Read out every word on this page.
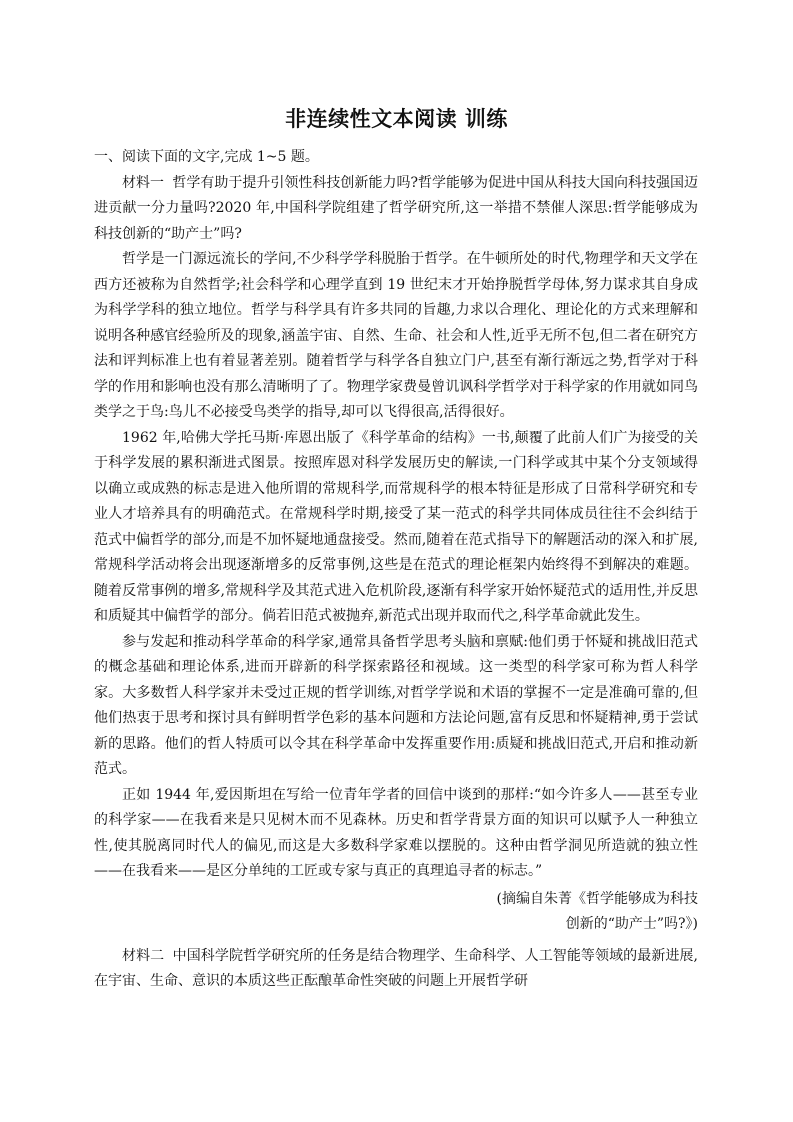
非连续性文本阅读 训练

一、阅读下面的文字,完成 1~5 题。

材料一 哲学有助于提升引领性科技创新能力吗?哲学能够为促进中国从科技大国向科技强国迈进贡献一分力量吗?2020 年,中国科学院组建了哲学研究所,这一举措不禁催人深思:哲学能够成为科技创新的“助产士”吗?

哲学是一门源远流长的学问,不少科学学科脱胎于哲学。在牛顿所处的时代,物理学和天文学在西方还被称为自然哲学;社会科学和心理学直到 19 世纪末才开始挣脱哲学母体,努力谋求其自身成为科学学科的独立地位。哲学与科学具有许多共同的旨趣,力求以合理化、理论化的方式来理解和说明各种感官经验所及的现象,涵盖宇宙、自然、生命、社会和人性,近乎无所不包,但二者在研究方法和评判标准上也有着显著差别。随着哲学与科学各自独立门户,甚至有渐行渐远之势,哲学对于科学的作用和影响也没有那么清晰明了了。物理学家费曼曾讥讽科学哲学对于科学家的作用就如同鸟类学之于鸟:鸟儿不必接受鸟类学的指导,却可以飞得很高,活得很好。

1962 年,哈佛大学托马斯·库恩出版了《科学革命的结构》一书,颠覆了此前人们广为接受的关于科学发展的累积渐进式图景。按照库恩对科学发展历史的解读,一门科学或其中某个分支领域得以确立或成熟的标志是进入他所谓的常规科学,而常规科学的根本特征是形成了日常科学研究和专业人才培养具有的明确范式。在常规科学时期,接受了某一范式的科学共同体成员往往不会纠结于范式中偏哲学的部分,而是不加怀疑地通盘接受。然而,随着在范式指导下的解题活动的深入和扩展,常规科学活动将会出现逐渐增多的反常事例,这些是在范式的理论框架内始终得不到解决的难题。随着反常事例的增多,常规科学及其范式进入危机阶段,逐渐有科学家开始怀疑范式的适用性,并反思和质疑其中偏哲学的部分。倘若旧范式被抛弃,新范式出现并取而代之,科学革命就此发生。

参与发起和推动科学革命的科学家,通常具备哲学思考头脑和禀赋:他们勇于怀疑和挑战旧范式的概念基础和理论体系,进而开辟新的科学探索路径和视域。这一类型的科学家可称为哲人科学家。大多数哲人科学家并未受过正规的哲学训练,对哲学学说和术语的掌握不一定是准确可靠的,但他们热衷于思考和探讨具有鲜明哲学色彩的基本问题和方法论问题,富有反思和怀疑精神,勇于尝试新的思路。他们的哲人特质可以令其在科学革命中发挥重要作用:质疑和挑战旧范式,开启和推动新范式。

正如 1944 年,爱因斯坦在写给一位青年学者的回信中谈到的那样:“如今许多人——甚至专业的科学家——在我看来是只见树木而不见森林。历史和哲学背景方面的知识可以赋予人一种独立性,使其脱离同时代人的偏见,而这是大多数科学家难以摆脱的。这种由哲学洞见所造就的独立性——在我看来——是区分单纯的工匠或专家与真正的真理追寻者的标志。”

(摘编自朱菁《哲学能够成为科技
创新的“助产士”吗?》)

材料二 中国科学院哲学研究所的任务是结合物理学、生命科学、人工智能等领域的最新进展,在宇宙、生命、意识的本质这些正酝酿革命性突破的问题上开展哲学研
